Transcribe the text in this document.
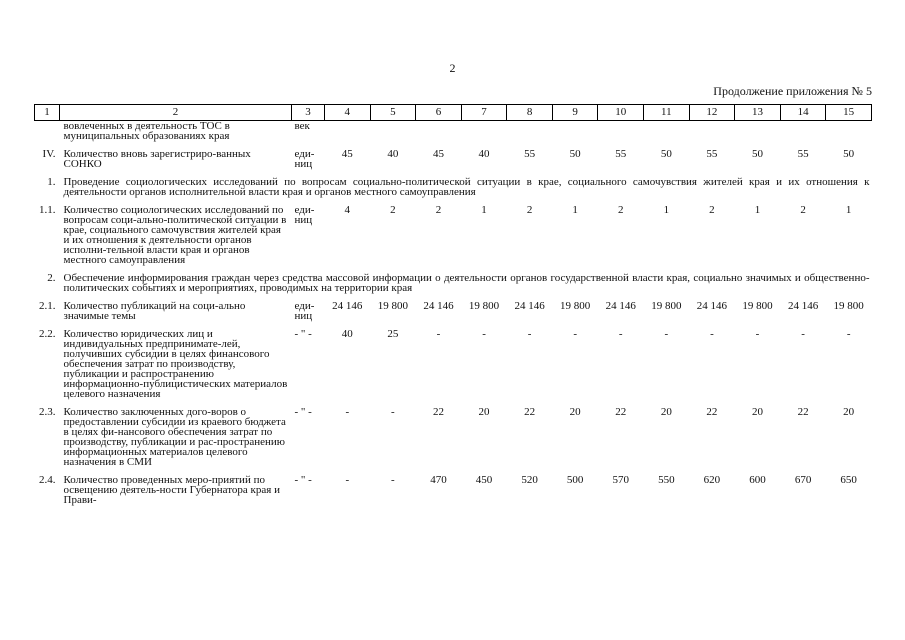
2
Продолжение приложения № 5
1	2	3	4	5	6	7	8	9	10	11	12	13	14	15
	вовлеченных в деятельность ТОС в муниципальных образованиях края	век												

IV.	Количество вновь зарегистриро-ванных СОНКО	еди-ниц	45	40	45	40	55	50	55	50	55	50	55	50

1.	Проведение социологических исследований по вопросам социально-политической ситуации в крае, социального самочувствия жителей края и их отношения к деятельности органов исполнительной власти края и органов местного самоуправления													

1.1.	Количество социологических исследований по вопросам соци-ально-политической ситуации в крае, социального самочувствия жителей края и их отношения к деятельности органов исполни-тельной власти края и органов местного самоуправления	еди-ниц	4	2	2	1	2	1	2	1	2	1	2	1

2.	Обеспечение информирования граждан через средства массовой информации о деятельности органов государственной власти края, социально значимых и общественно-политических событиях и мероприятиях, проводимых на территории края													

2.1.	Количество публикаций на соци-ально значимые темы	еди-ниц	24 146	19 800	24 146	19 800	24 146	19 800	24 146	19 800	24 146	19 800	24 146	19 800

2.2.	Количество юридических лиц и индивидуальных предпринимате-лей, получивших субсидии в целях финансового обеспечения затрат по производству, публикации и распространению информационно-публицистических материалов целевого назначения	- " -	40	25	-	-	-	-	-	-	-	-	-	-

2.3.	Количество заключенных дого-воров о предоставлении субсидии из краевого бюджета в целях фи-нансового обеспечения затрат по производству, публикации и рас-пространению информационных материалов целевого назначения в СМИ	- " -	-	-	22	20	22	20	22	20	22	20	22	20

2.4.	Количество проведенных меро-приятий по освещению деятель-ности Губернатора края и Прави-	- " -	-	-	470	450	520	500	570	550	620	600	670	650
